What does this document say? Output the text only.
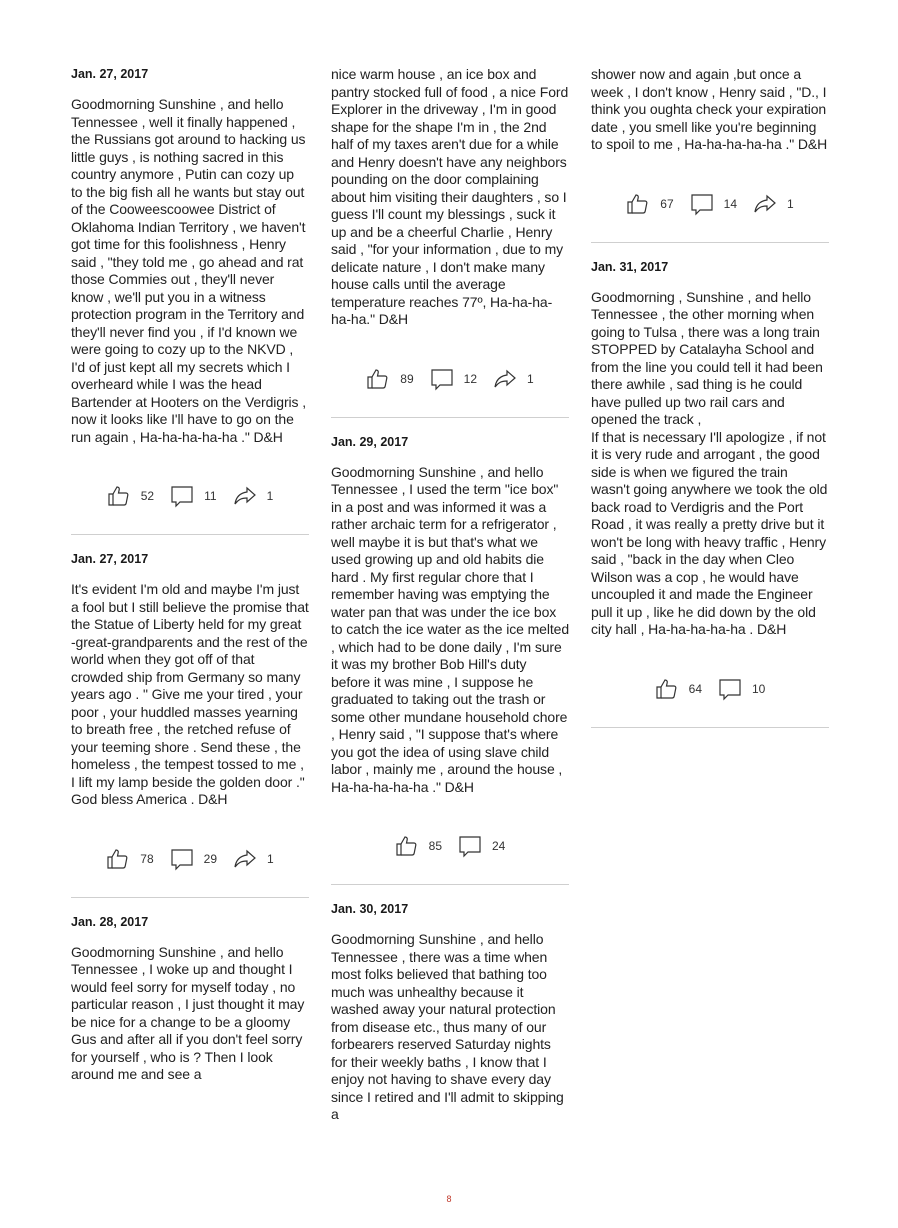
Jan. 27, 2017

Goodmorning Sunshine , and hello Tennessee , well it finally happened , the Russians got around to hacking us little guys , is nothing sacred in this country anymore , Putin can cozy up to the big fish all he wants but stay out of the Cooweescoowee District of Oklahoma Indian Territory , we haven't got time for this foolishness , Henry said , "they told me , go ahead and rat those Commies out , they'll never know , we'll put you in a witness protection program in the Territory and they'll never find you , if I'd known we were going to cozy up to the NKVD , I'd of just kept all my secrets which I overheard while I was the head Bartender at Hooters on the Verdigris , now it looks like I'll have to go on the run again , Ha-ha-ha-ha-ha ." D&H

52	11	1

Jan. 27, 2017

It's evident I'm old and maybe I'm just a fool but I still believe the promise that the Statue of Liberty held for my great
-great-grandparents and the rest of the world when they got off of that crowded ship from Germany so many years ago . " Give me your tired , your poor , your huddled masses yearning to breath free , the retched refuse of your teeming shore . Send these , the homeless , the tempest tossed to me , I lift my lamp beside the golden door ." God bless America . D&H

78	29	1

Jan. 28, 2017

Goodmorning Sunshine , and hello Tennessee , I woke up and thought I would feel sorry for myself today , no particular reason , I just thought it may be nice for a change to be a gloomy Gus and after all if you don't feel sorry for yourself , who is ? Then I look around me and see a

nice warm house , an ice box and pantry stocked full of food , a nice Ford Explorer in the driveway , I'm in good shape for the shape I'm in , the 2nd half of my taxes aren't due for a while and Henry doesn't have any neighbors pounding on the door complaining about him visiting their daughters , so I guess I'll count my blessings , suck it up and be a cheerful Charlie , Henry said , "for your information , due to my delicate nature , I don't make many house calls until the average temperature reaches 77º, Ha-ha-ha-ha-ha." D&H

89	12	1

Jan. 29, 2017

Goodmorning Sunshine , and hello Tennessee , I used the term "ice box" in a post and was informed it was a rather archaic term for a refrigerator , well maybe it is but that's what we used growing up and old habits die hard . My first regular chore that I remember having was emptying the water pan that was under the ice box to catch the ice water as the ice melted , which had to be done daily , I'm sure it was my brother Bob Hill's duty before it was mine , I suppose he graduated to taking out the trash or some other mundane household chore , Henry said , "I suppose that's where you got the idea of using slave child labor , mainly me , around the house , Ha-ha-ha-ha-ha ." D&H

85	24

Jan. 30, 2017

Goodmorning Sunshine , and hello Tennessee , there was a time when most folks believed that bathing too much was unhealthy because it washed away your natural protection from disease etc., thus many of our forbearers reserved Saturday nights for their weekly baths , I know that I enjoy not having to shave every day since I retired and I'll admit to skipping a

shower now and again ,but once a week , I don't know , Henry said , "D., I think you oughta check your expiration date , you smell like you're beginning to spoil to me , Ha-ha-ha-ha-ha ." D&H

67	14	1

Jan. 31, 2017

Goodmorning , Sunshine , and hello Tennessee , the other morning when going to Tulsa , there was a long train STOPPED by Catalayha School and from the line you could tell it had been there awhile , sad thing is he could have pulled up two rail cars and opened the track ,
If that is necessary I'll apologize , if not it is very rude and arrogant , the good side is when we figured the train wasn't going anywhere we took the old back road to Verdigris and the Port Road , it was really a pretty drive but it won't be long with heavy traffic , Henry said , "back in the day when Cleo Wilson was a cop , he would have uncoupled it and made the Engineer pull it up , like he did down by the old city hall , Ha-ha-ha-ha-ha . D&H

64	10
8
